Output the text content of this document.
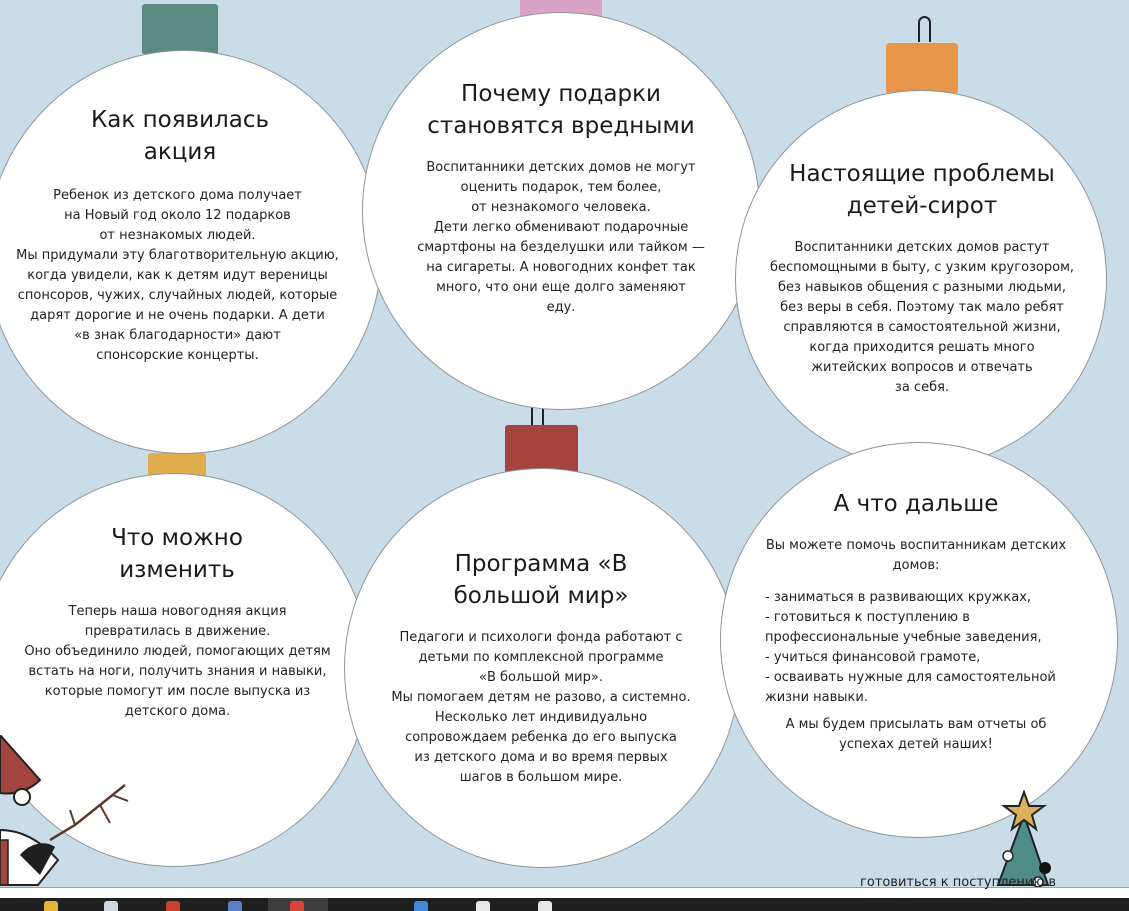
Как появилась акция

Ребенок из детского дома получает

на Новый год около 12 подарков

от незнакомых людей.

Мы придумали эту благотворительную акцию,

когда увидели, как к детям идут вереницы

спонсоров, чужих, случайных людей, которые

дарят дорогие и не очень подарки. А дети

«в знак благодарности» дают

спонсорские концерты.

Почему подарки становятся вредными

Воспитанники детских домов не могут

оценить подарок, тем более,

от незнакомого человека.

Дети легко обменивают подарочные

смартфоны на безделушки или тайком —

на сигареты. А новогодних конфет так

много, что они еще долго заменяют

еду.

Настоящие проблемы детей-сирот

Воспитанники детских домов растут

беспомощными в быту, с узким кругозором,

без навыков общения с разными людьми,

без веры в себя. Поэтому так мало ребят

справляются в самостоятельной жизни,

когда приходится решать много

житейских вопросов и отвечать

за себя.

Что можно изменить

Теперь наша новогодняя акция

превратилась в движение.

Оно объединило людей, помогающих детям

встать на ноги, получить знания и навыки,

которые помогут им после выпуска из

детского дома.

Программа «В большой мир»

Педагоги и психологи фонда работают с

детьми по комплексной программе

«В большой мир».

Мы помогаем детям не разово, а системно.

Несколько лет индивидуально

сопровождаем ребенка до его выпуска

из детского дома и во время первых

шагов в большом мире.

А что дальше

Вы можете помочь воспитанникам детских

домов:

- заниматься в развивающих кружках,

- готовиться к поступлению в

профессиональные учебные заведения,

- учиться финансовой грамоте,

- осваивать нужные для самостоятельной

жизни навыки.

А мы будем присылать вам отчеты об

успехах детей наших!

готовиться к поступлению в
